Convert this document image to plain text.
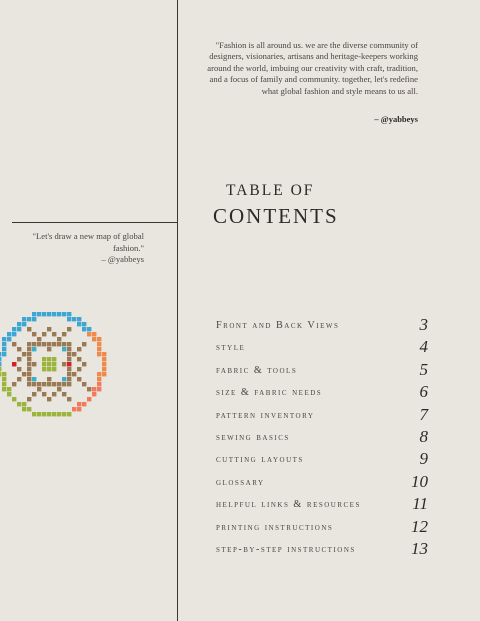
"Fashion is all around us. we are the diverse community of designers, visionaries, artisans and heritage-keepers working around the world, imbuing our creativity with craft, tradition, and a focus of family and community. together, let's redefine what global fashion and style means to us all.
– @yabbeys
"Let's draw a new map of global fashion."
– @yabbeys
TABLE OF
CONTENTS
Front and Back Views	3
style	4
fabric & tools	5
size & fabric needs	6
pattern inventory	7
sewing basics	8
cutting layouts	9
glossary	10
helpful links & resources	11
printing instructions	12
step-by-step instructions	13
